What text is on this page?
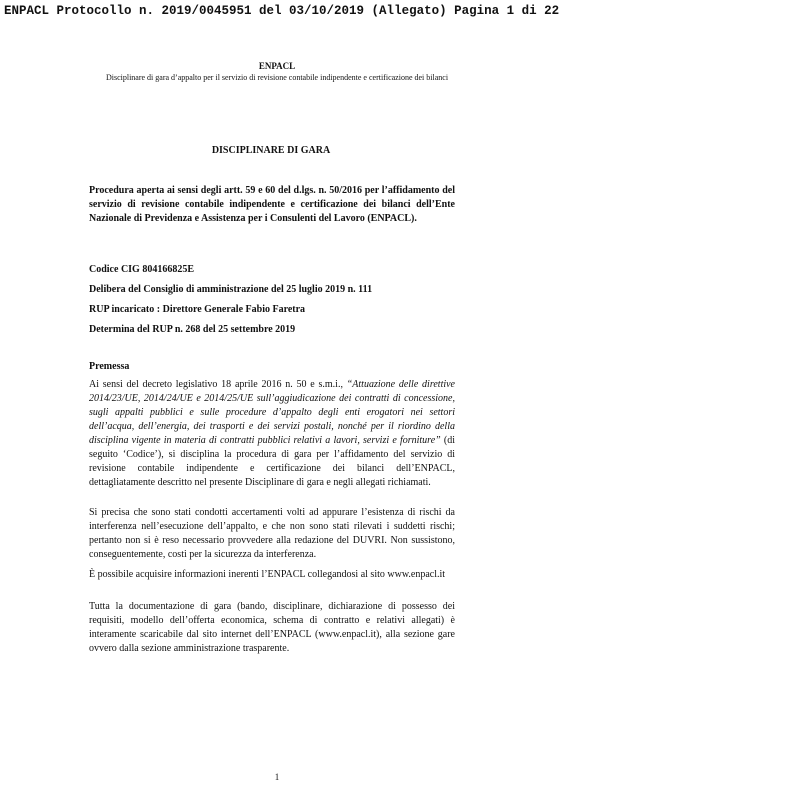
ENPACL Protocollo n. 2019/0045951 del 03/10/2019 (Allegato) Pagina 1 di 22
ENPACL
Disciplinare di gara d’appalto per il servizio di revisione contabile indipendente e certificazione dei bilanci
DISCIPLINARE DI GARA
Procedura aperta ai sensi degli artt. 59 e 60 del d.lgs. n. 50/2016 per l’affidamento del servizio di revisione contabile indipendente e certificazione dei bilanci dell’Ente Nazionale di Previdenza e Assistenza per i Consulenti del Lavoro (ENPACL).
Codice CIG 804166825E
Delibera del Consiglio di amministrazione del 25 luglio 2019 n. 111
RUP incaricato : Direttore Generale Fabio Faretra
Determina del RUP n. 268 del 25 settembre 2019
Premessa
Ai sensi del decreto legislativo 18 aprile 2016 n. 50 e s.m.i., “Attuazione delle direttive 2014/23/UE, 2014/24/UE e 2014/25/UE sull’aggiudicazione dei contratti di concessione, sugli appalti pubblici e sulle procedure d’appalto degli enti erogatori nei settori dell’acqua, dell’energia, dei trasporti e dei servizi postali, nonché per il riordino della disciplina vigente in materia di contratti pubblici relativi a lavori, servizi e forniture” (di seguito ‘Codice’), si disciplina la procedura di gara per l’affidamento del servizio di revisione contabile indipendente e certificazione dei bilanci dell’ENPACL, dettagliatamente descritto nel presente Disciplinare di gara e negli allegati richiamati.
Si precisa che sono stati condotti accertamenti volti ad appurare l’esistenza di rischi da interferenza nell’esecuzione dell’appalto, e che non sono stati rilevati i suddetti rischi; pertanto non si è reso necessario provvedere alla redazione del DUVRI. Non sussistono, conseguentemente, costi per la sicurezza da interferenza.
È possibile acquisire informazioni inerenti l’ENPACL collegandosi al sito www.enpacl.it
Tutta la documentazione di gara (bando, disciplinare, dichiarazione di possesso dei requisiti, modello dell’offerta economica, schema di contratto e relativi allegati) è interamente scaricabile dal sito internet dell’ENPACL (www.enpacl.it), alla sezione gare ovvero dalla sezione amministrazione trasparente.
1
